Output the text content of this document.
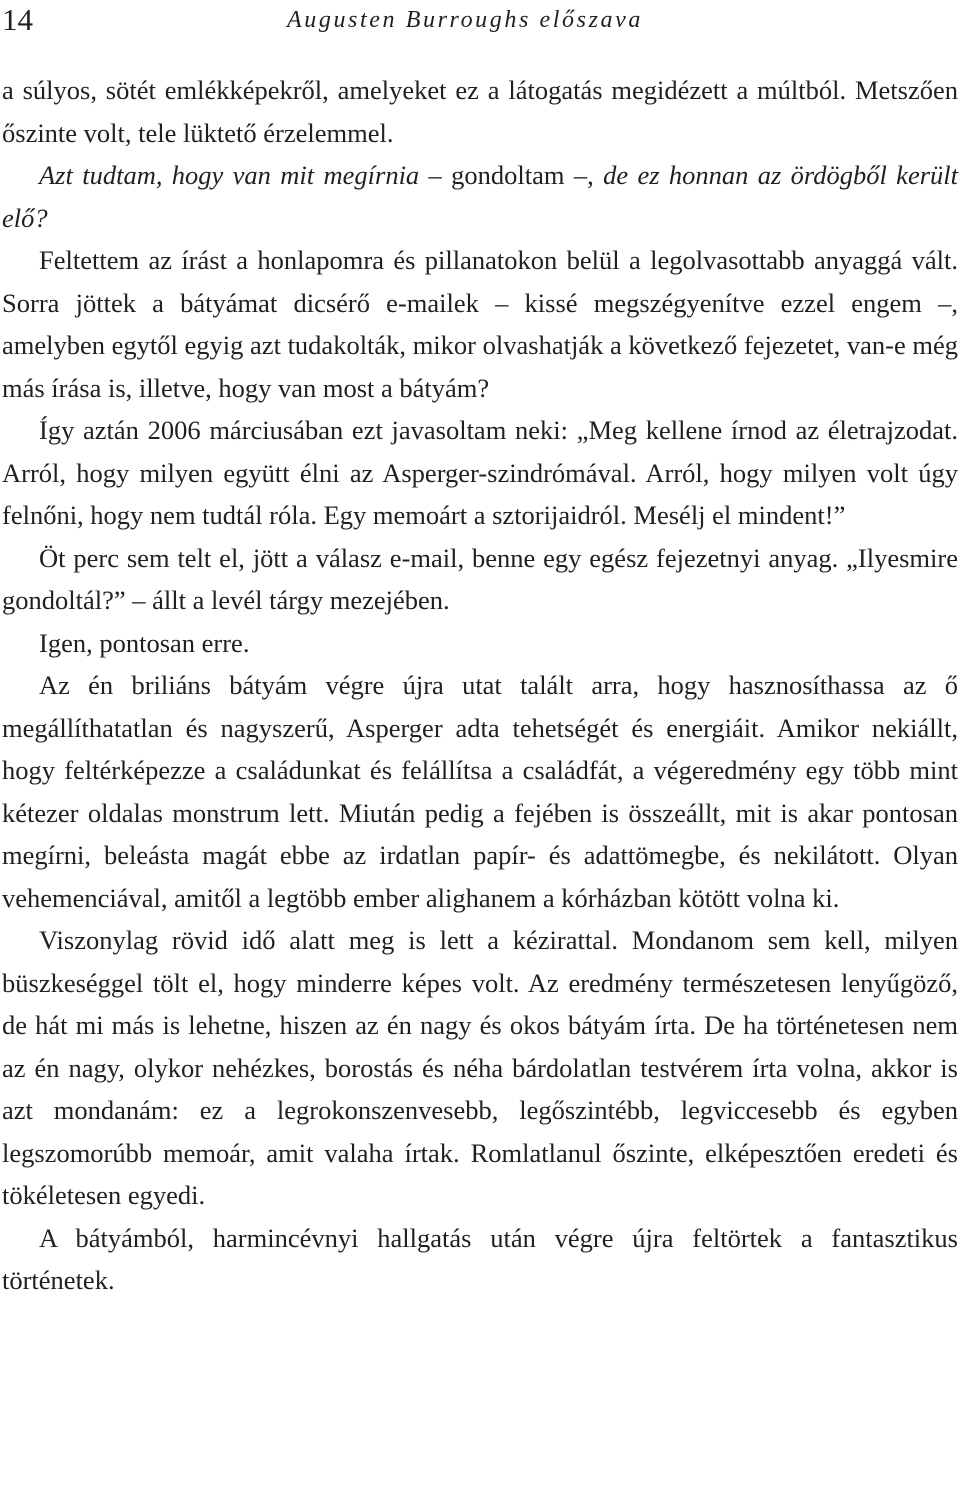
14	Augusten Burroughs előszava

a súlyos, sötét emlékképekről, amelyeket ez a látogatás megidézett a múltból. Metszően őszinte volt, tele lüktető érzelemmel.

Azt tudtam, hogy van mit megírnia – gondoltam –, de ez honnan az ördögből került elő?

Feltettem az írást a honlapomra és pillanatokon belül a legolvasottabb anyaggá vált. Sorra jöttek a bátyámat dicsérő e-mailek – kissé megszégyenítve ezzel engem –, amelyben egytől egyig azt tudakolták, mikor olvashatják a következő fejezetet, van-e még más írása is, illetve, hogy van most a bátyám?

Így aztán 2006 márciusában ezt javasoltam neki: „Meg kellene írnod az életrajzodat. Arról, hogy milyen együtt élni az Asperger-szindrómával. Arról, hogy milyen volt úgy felnőni, hogy nem tudtál róla. Egy memoárt a sztorijaidról. Mesélj el mindent!”

Öt perc sem telt el, jött a válasz e-mail, benne egy egész fejezetnyi anyag. „Ilyesmire gondoltál?” – állt a levél tárgy mezejében.

Igen, pontosan erre.

Az én briliáns bátyám végre újra utat talált arra, hogy hasznosíthassa az ő megállíthatatlan és nagyszerű, Asperger adta tehetségét és energiáit. Amikor nekiállt, hogy feltérképezze a családunkat és felállítsa a családfát, a végeredmény egy több mint kétezer oldalas monstrum lett. Miután pedig a fejében is összeállt, mit is akar pontosan megírni, beleásta magát ebbe az irdatlan papír- és adattömegbe, és nekilátott. Olyan vehemenciával, amitől a legtöbb ember alighanem a kórházban kötött volna ki.

Viszonylag rövid idő alatt meg is lett a kézirattal. Mondanom sem kell, milyen büszkeséggel tölt el, hogy minderre képes volt. Az eredmény természetesen lenyűgöző, de hát mi más is lehetne, hiszen az én nagy és okos bátyám írta. De ha történetesen nem az én nagy, olykor nehézkes, borostás és néha bárdolatlan testvérem írta volna, akkor is azt mondanám: ez a legrokonszenvesebb, legőszintébb, legviccesebb és egyben legszomorúbb memoár, amit valaha írtak. Romlatlanul őszinte, elképesztően eredeti és tökéletesen egyedi.

A bátyámból, harmincévnyi hallgatás után végre újra feltörtek a fantasztikus történetek.
